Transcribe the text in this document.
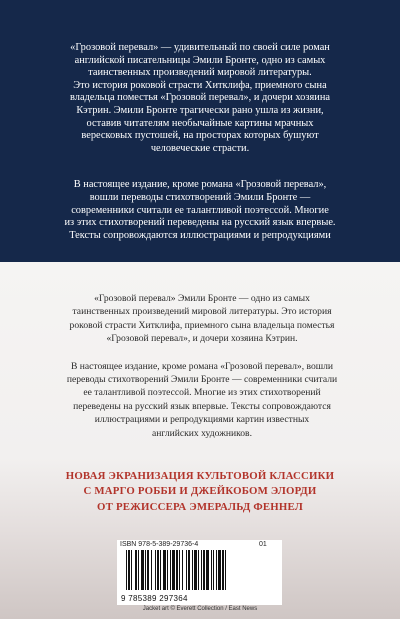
«Грозовой перевал» — удивительный по своей силе роман
английской писательницы Эмили Бронте, одно из самых
таинственных произведений мировой литературы.
Это история роковой страсти Хитклифа, приемного сына
владельца поместья «Грозовой перевал», и дочери хозяина
Кэтрин. Эмили Бронте трагически рано ушла из жизни,
оставив читателям необычайные картины мрачных
вересковых пустошей, на просторах которых бушуют
человеческие страсти.

В настоящее издание, кроме романа «Грозовой перевал»,
вошли переводы стихотворений Эмили Бронте —
современники считали ее талантливой поэтессой. Многие
из этих стихотворений переведены на русский язык впервые.
Тексты сопровождаются иллюстрациями и репродукциями

«Грозовой перевал» Эмили Бронте — одно из самых
таинственных произведений мировой литературы. Это история
роковой страсти Хитклифа, приемного сына владельца поместья
«Грозовой перевал», и дочери хозяина Кэтрин.

В настоящее издание, кроме романа «Грозовой перевал», вошли
переводы стихотворений Эмили Бронте — современники считали
ее талантливой поэтессой. Многие из этих стихотворений
переведены на русский язык впервые. Тексты сопровождаются
иллюстрациями и репродукциями картин известных
английских художников.

НОВАЯ ЭКРАНИЗАЦИЯ КУЛЬТОВОЙ КЛАССИКИ
С МАРГО РОББИ И ДЖЕЙКОБОМ ЭЛОРДИ
ОТ РЕЖИССЕРА ЭМЕРАЛЬД ФЕННЕЛ
ISBN 978-5-389-29736-4	01
9 785389 297364
Jacket art © Everett Collection / East News
